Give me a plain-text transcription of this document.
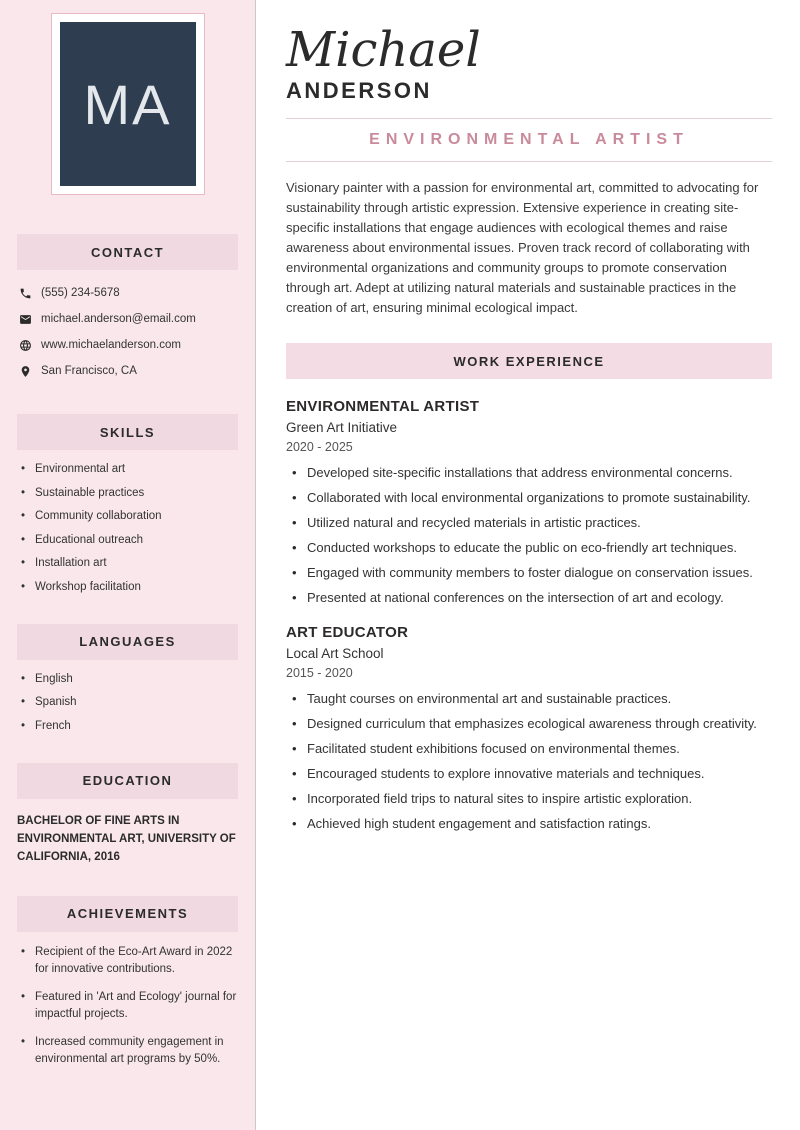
MA
CONTACT
(555) 234-5678
michael.anderson@email.com
www.michaelanderson.com
San Francisco, CA
SKILLS
• Environmental art
• Sustainable practices
• Community collaboration
• Educational outreach
• Installation art
• Workshop facilitation
LANGUAGES
• English
• Spanish
• French
EDUCATION
BACHELOR OF FINE ARTS IN ENVIRONMENTAL ART, UNIVERSITY OF CALIFORNIA, 2016
ACHIEVEMENTS
• Recipient of the Eco-Art Award in 2022 for innovative contributions.
• Featured in 'Art and Ecology' journal for impactful projects.
• Increased community engagement in environmental art programs by 50%.
Michael
ANDERSON
ENVIRONMENTAL ARTIST

Visionary painter with a passion for environmental art, committed to advocating for sustainability through artistic expression. Extensive experience in creating site-specific installations that engage audiences with ecological themes and raise awareness about environmental issues. Proven track record of collaborating with environmental organizations and community groups to promote conservation through art. Adept at utilizing natural materials and sustainable practices in the creation of art, ensuring minimal ecological impact.

WORK EXPERIENCE
ENVIRONMENTAL ARTIST
Green Art Initiative
2020 - 2025
• Developed site-specific installations that address environmental concerns.
• Collaborated with local environmental organizations to promote sustainability.
• Utilized natural and recycled materials in artistic practices.
• Conducted workshops to educate the public on eco-friendly art techniques.
• Engaged with community members to foster dialogue on conservation issues.
• Presented at national conferences on the intersection of art and ecology.
ART EDUCATOR
Local Art School
2015 - 2020
• Taught courses on environmental art and sustainable practices.
• Designed curriculum that emphasizes ecological awareness through creativity.
• Facilitated student exhibitions focused on environmental themes.
• Encouraged students to explore innovative materials and techniques.
• Incorporated field trips to natural sites to inspire artistic exploration.
• Achieved high student engagement and satisfaction ratings.
